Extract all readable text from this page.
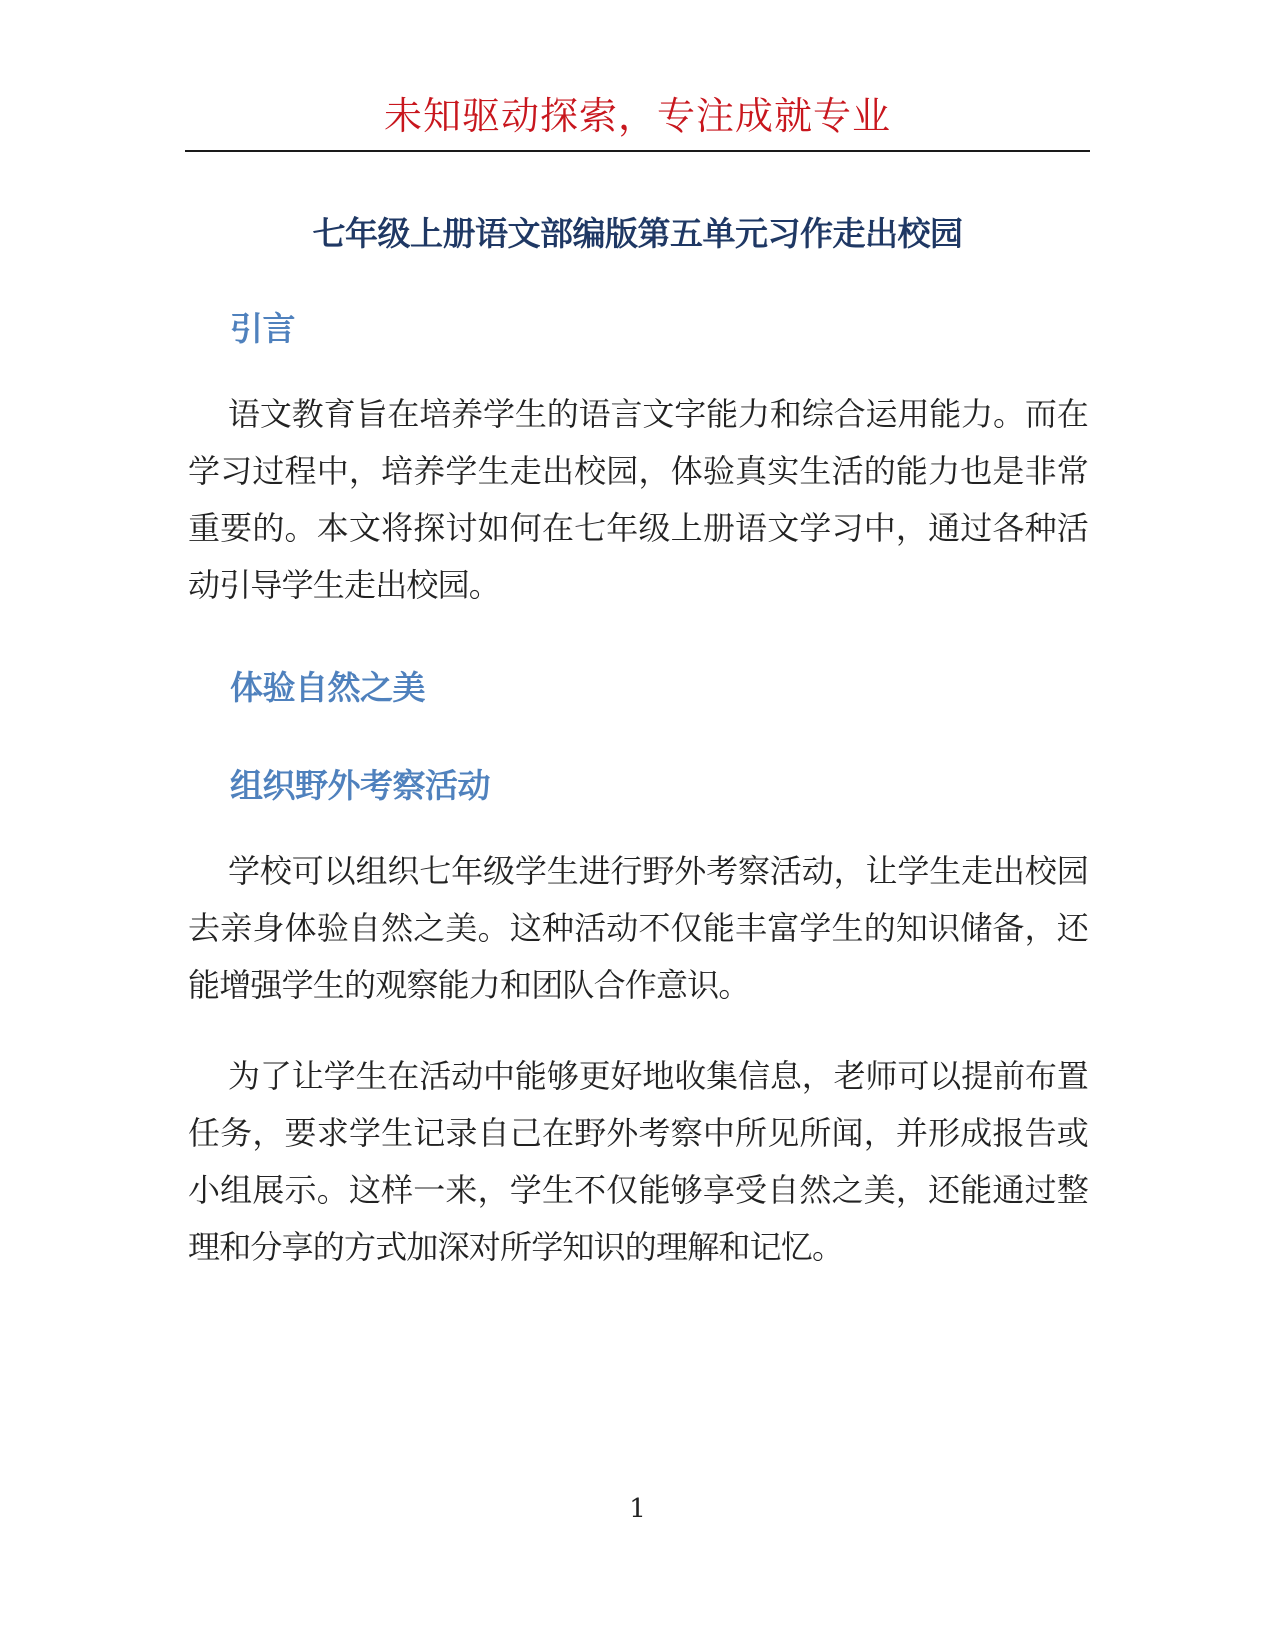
未知驱动探索，专注成就专业
七年级上册语文部编版第五单元习作走出校园
引言
语文教育旨在培养学生的语言文字能力和综合运用能力。而在学习过程中，培养学生走出校园，体验真实生活的能力也是非常重要的。本文将探讨如何在七年级上册语文学习中，通过各种活动引导学生走出校园。
体验自然之美
组织野外考察活动
学校可以组织七年级学生进行野外考察活动，让学生走出校园去亲身体验自然之美。这种活动不仅能丰富学生的知识储备，还能增强学生的观察能力和团队合作意识。
为了让学生在活动中能够更好地收集信息，老师可以提前布置任务，要求学生记录自己在野外考察中所见所闻，并形成报告或小组展示。这样一来，学生不仅能够享受自然之美，还能通过整理和分享的方式加深对所学知识的理解和记忆。
1
